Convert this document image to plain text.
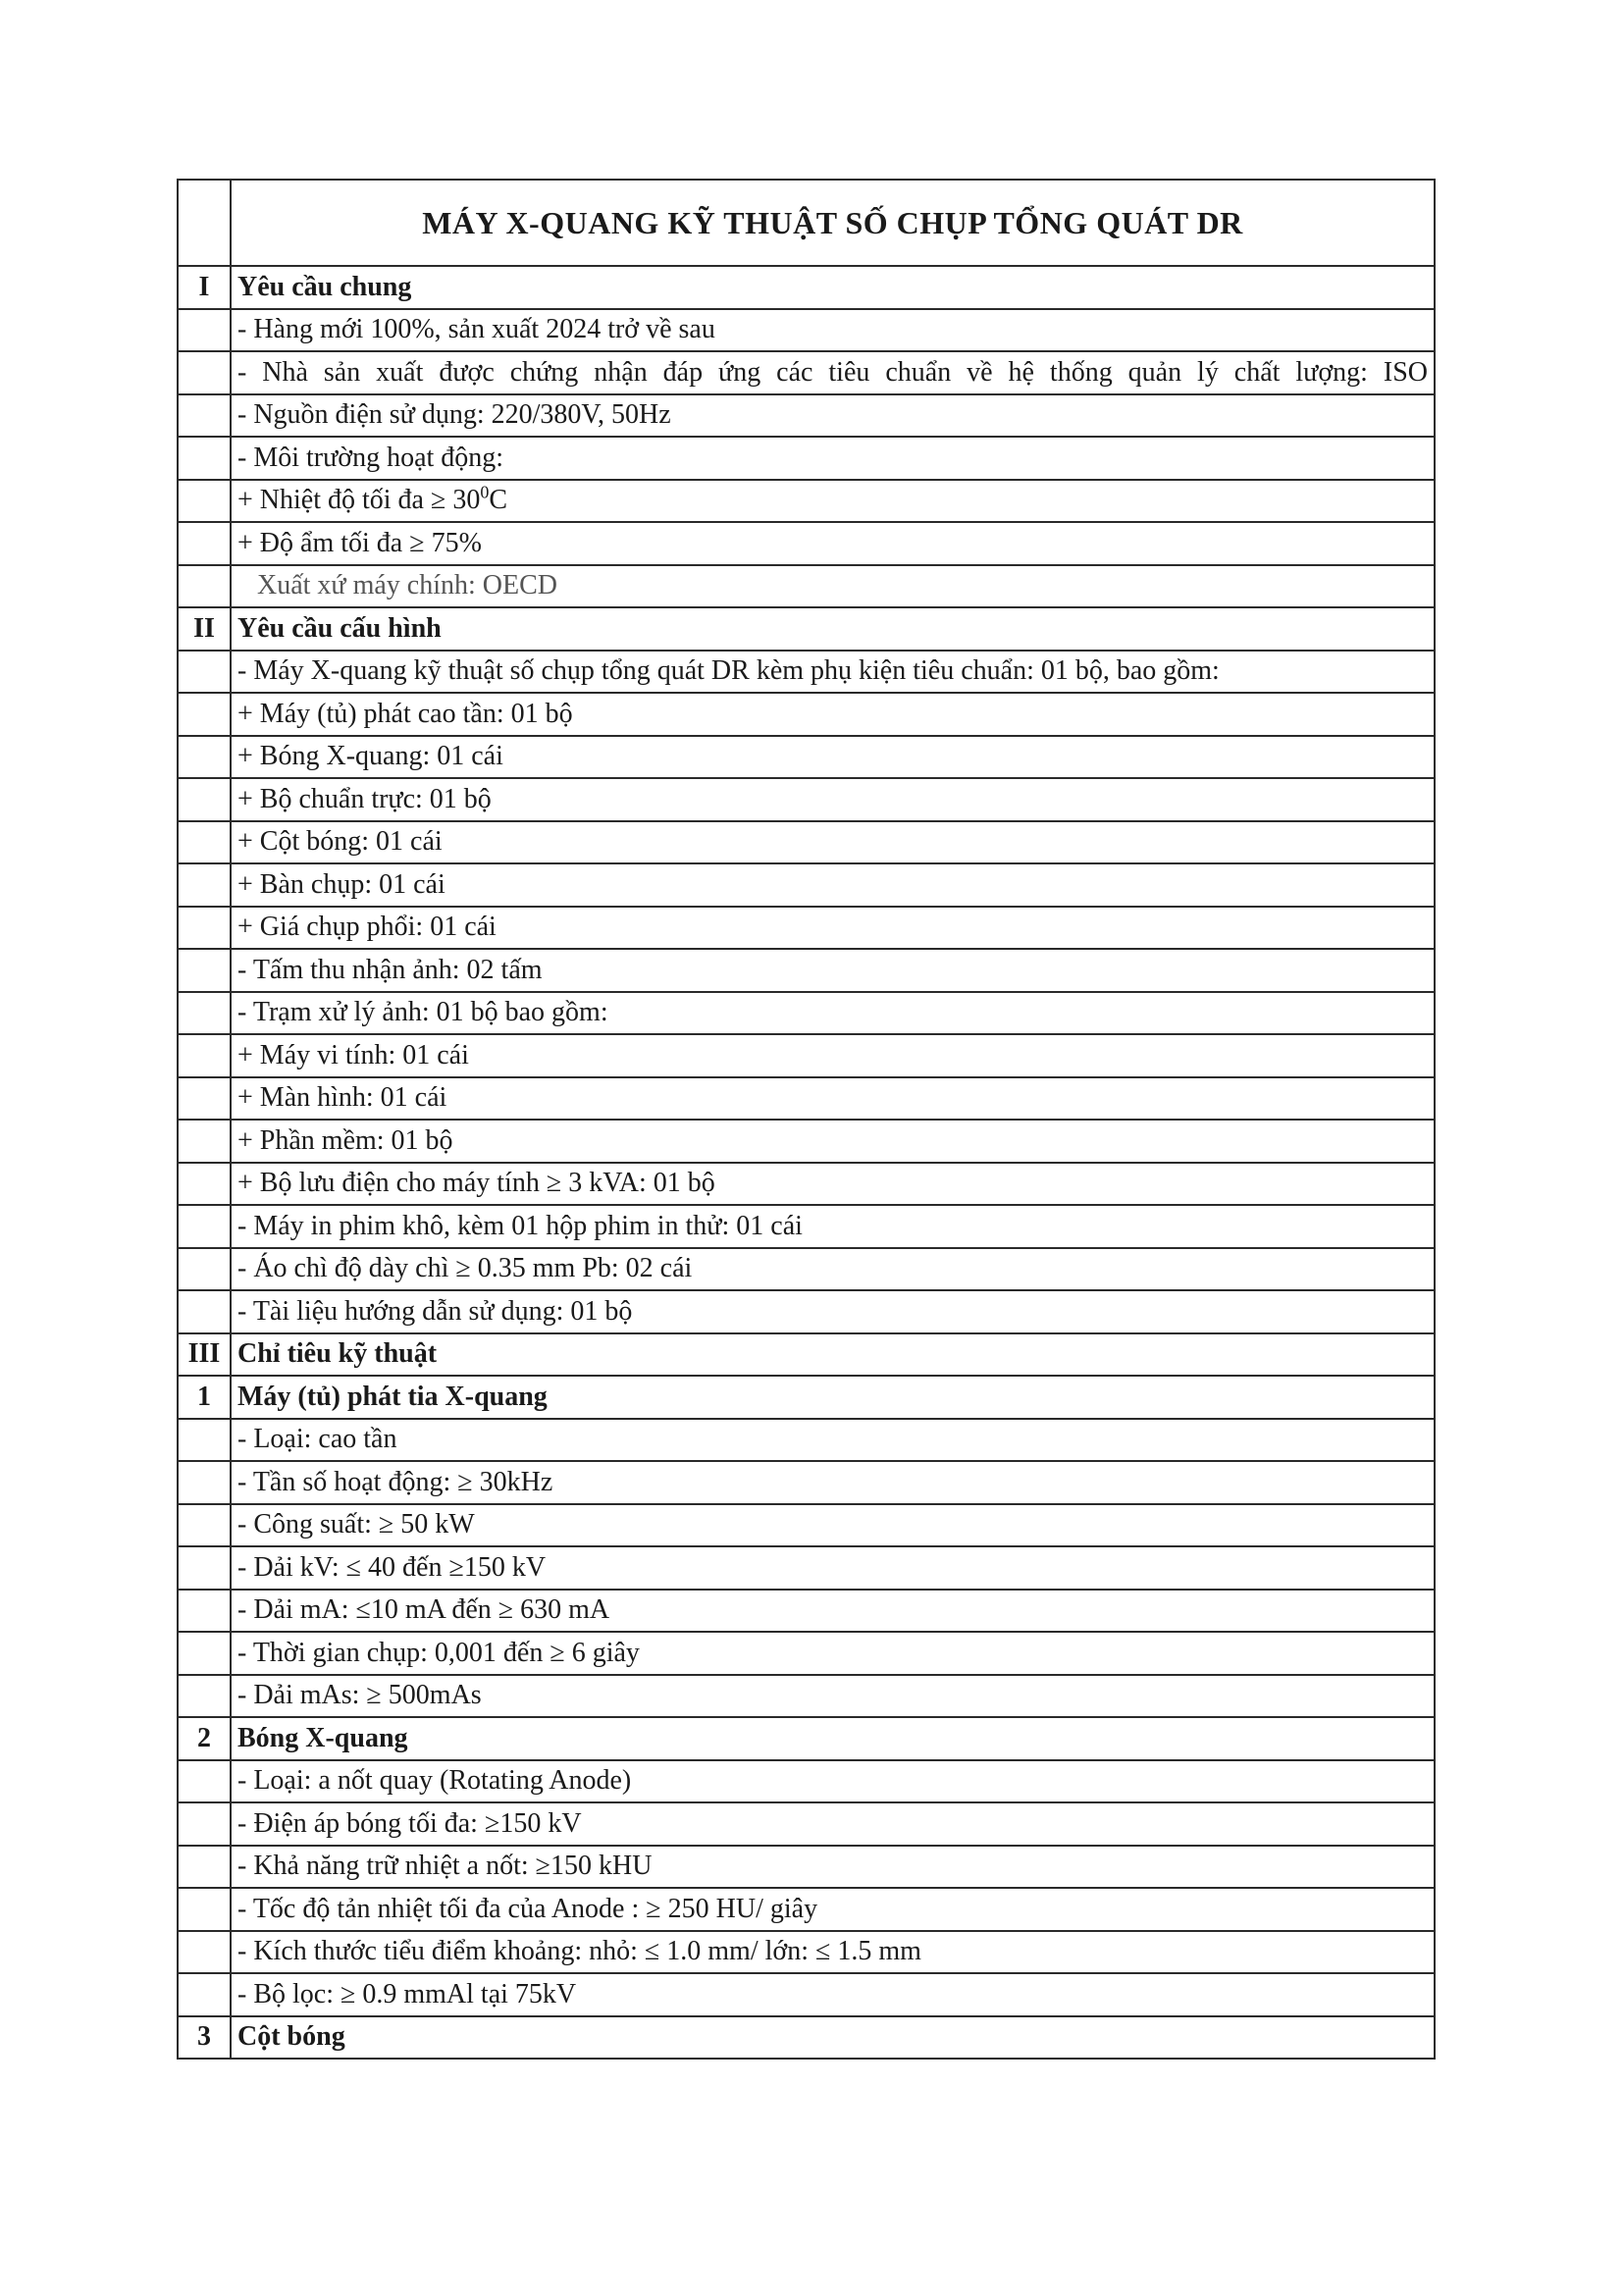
	MÁY X-QUANG KỸ THUẬT SỐ CHỤP TỔNG QUÁT DR
I	Yêu cầu chung
	- Hàng mới 100%, sản xuất 2024 trở về sau
	- Nhà sản xuất được chứng nhận đáp ứng các tiêu chuẩn về hệ thống quản lý chất lượng: ISO
	- Nguồn điện sử dụng: 220/380V, 50Hz
	- Môi trường hoạt động:
	+ Nhiệt độ tối đa ≥ $30^0C$
	+ Độ ẩm tối đa ≥ 75%
	Xuất xứ máy chính: OECD
II	Yêu cầu cấu hình
	- Máy X-quang kỹ thuật số chụp tổng quát DR kèm phụ kiện tiêu chuẩn: 01 bộ, bao gồm:
	+ Máy (tủ) phát cao tần: 01 bộ
	+ Bóng X-quang: 01 cái
	+ Bộ chuẩn trực: 01 bộ
	+ Cột bóng: 01 cái
	+ Bàn chụp: 01 cái
	+ Giá chụp phổi: 01 cái
	- Tấm thu nhận ảnh: 02 tấm
	- Trạm xử lý ảnh: 01 bộ bao gồm:
	+ Máy vi tính: 01 cái
	+ Màn hình: 01 cái
	+ Phần mềm: 01 bộ
	+ Bộ lưu điện cho máy tính ≥ 3 kVA: 01 bộ
	- Máy in phim khô, kèm 01 hộp phim in thử: 01 cái
	- Áo chì độ dày chì ≥ 0.35 mm Pb: 02 cái
	- Tài liệu hướng dẫn sử dụng: 01 bộ
III	Chỉ tiêu kỹ thuật
1	Máy (tủ) phát tia X-quang
	- Loại: cao tần
	- Tần số hoạt động: ≥ 30kHz
	- Công suất: ≥ 50 kW
	- Dải kV: ≤ 40 đến ≥150 kV
	- Dải mA: ≤10 mA đến ≥ 630 mA
	- Thời gian chụp: 0,001 đến ≥ 6 giây
	- Dải mAs: ≥ 500mAs
2	Bóng X-quang
	- Loại: a nốt quay (Rotating Anode)
	- Điện áp bóng tối đa: ≥150 kV
	- Khả năng trữ nhiệt a nốt: ≥150 kHU
	- Tốc độ tản nhiệt tối đa của Anode : ≥ 250 HU/ giây
	- Kích thước tiểu điểm khoảng: nhỏ: ≤ 1.0 mm/ lớn: ≤ 1.5 mm
	- Bộ lọc: ≥ 0.9 mmAl tại 75kV
3	Cột bóng
